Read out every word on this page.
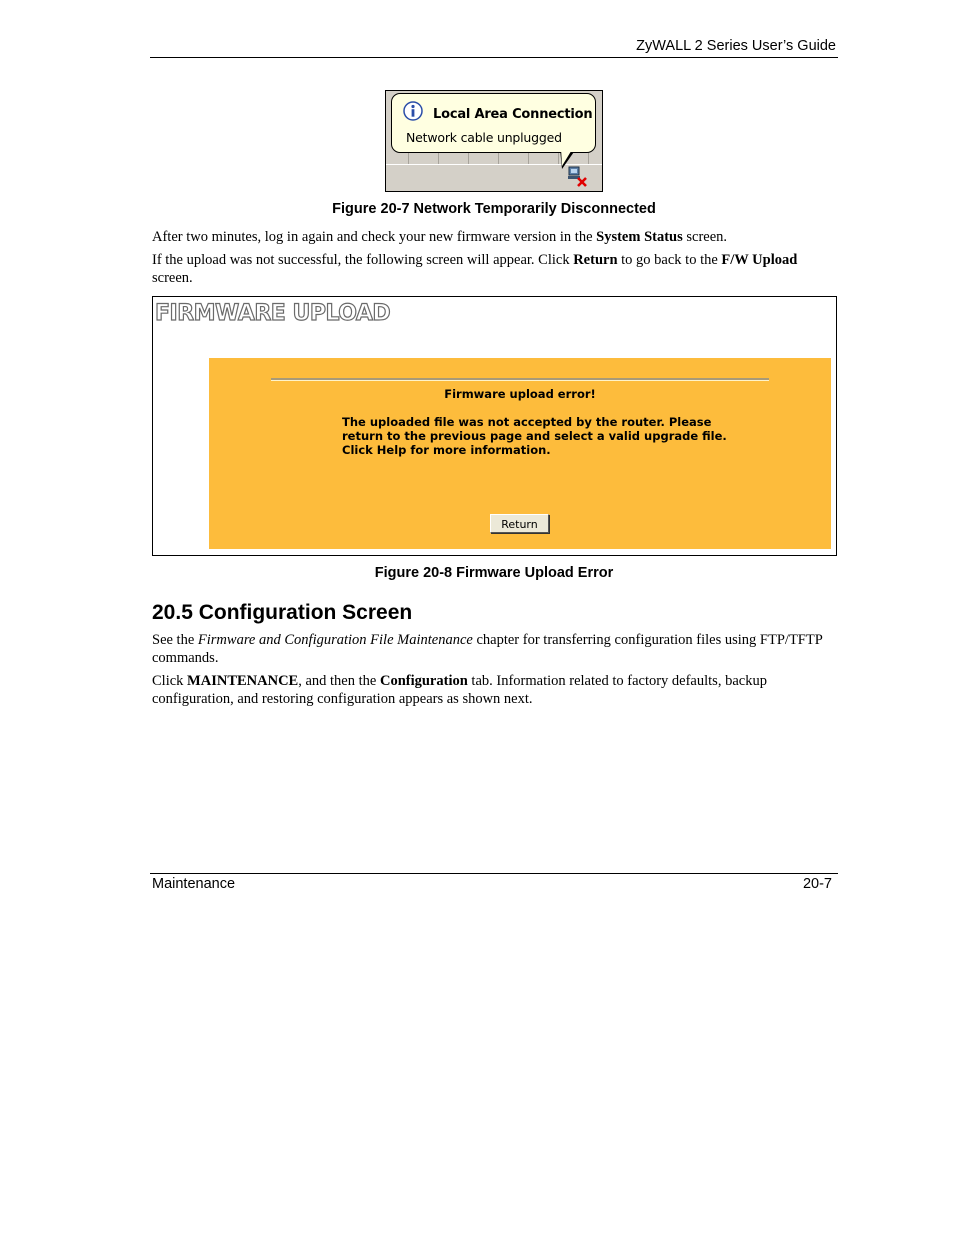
ZyWALL 2 Series User’s Guide
Local Area Connection
Network cable unplugged
Figure 20-7 Network Temporarily Disconnected
After two minutes, log in again and check your new firmware version in the System Status screen.
If the upload was not successful, the following screen will appear. Click Return to go back to the F/W Upload screen.
FIRMWARE UPLOAD
Firmware upload error!
The uploaded file was not accepted by the router. Please
return to the previous page and select a valid upgrade file.
Click Help for more information.
Return
Figure 20-8 Firmware Upload Error
20.5 Configuration Screen
See the Firmware and Configuration File Maintenance chapter for transferring configuration files using FTP/TFTP commands.
Click MAINTENANCE, and then the Configuration tab. Information related to factory defaults, backup configuration, and restoring configuration appears as shown next.
Maintenance	20-7
